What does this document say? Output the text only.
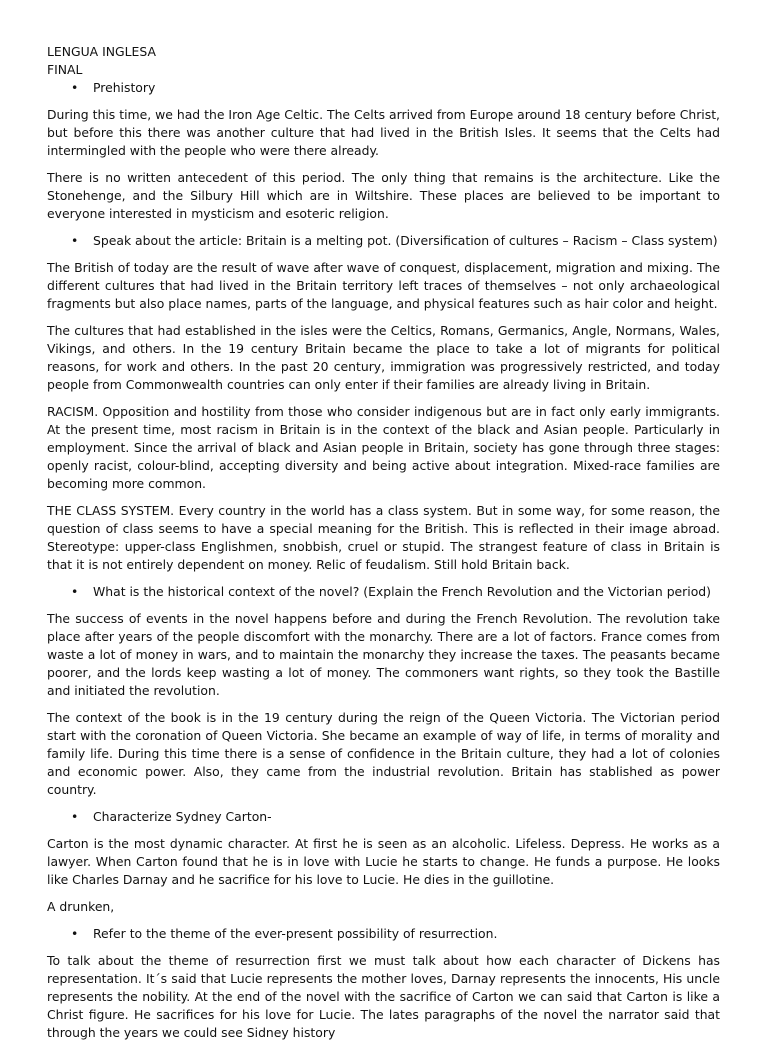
LENGUA INGLESA
FINAL
• Prehistory

During this time, we had the Iron Age Celtic. The Celts arrived from Europe around 18 century before Christ, but before this there was another culture that had lived in the British Isles. It seems that the Celts had intermingled with the people who were there already.

There is no written antecedent of this period. The only thing that remains is the architecture. Like the Stonehenge, and the Silbury Hill which are in Wiltshire. These places are believed to be important to everyone interested in mysticism and esoteric religion.

• Speak about the article: Britain is a melting pot. (Diversification of cultures – Racism – Class system)

The British of today are the result of wave after wave of conquest, displacement, migration and mixing. The different cultures that had lived in the Britain territory left traces of themselves – not only archaeological fragments but also place names, parts of the language, and physical features such as hair color and height.

The cultures that had established in the isles were the Celtics, Romans, Germanics, Angle, Normans, Wales, Vikings, and others. In the 19 century Britain became the place to take a lot of migrants for political reasons, for work and others. In the past 20 century, immigration was progressively restricted, and today people from Commonwealth countries can only enter if their families are already living in Britain.

RACISM. Opposition and hostility from those who consider indigenous but are in fact only early immigrants. At the present time, most racism in Britain is in the context of the black and Asian people. Particularly in employment. Since the arrival of black and Asian people in Britain, society has gone through three stages: openly racist, colour-blind, accepting diversity and being active about integration. Mixed-race families are becoming more common.

THE CLASS SYSTEM. Every country in the world has a class system. But in some way, for some reason, the question of class seems to have a special meaning for the British. This is reflected in their image abroad. Stereotype: upper-class Englishmen, snobbish, cruel or stupid. The strangest feature of class in Britain is that it is not entirely dependent on money. Relic of feudalism. Still hold Britain back.

• What is the historical context of the novel? (Explain the French Revolution and the Victorian period)

The success of events in the novel happens before and during the French Revolution. The revolution take place after years of the people discomfort with the monarchy. There are a lot of factors. France comes from waste a lot of money in wars, and to maintain the monarchy they increase the taxes. The peasants became poorer, and the lords keep wasting a lot of money. The commoners want rights, so they took the Bastille and initiated the revolution.

The context of the book is in the 19 century during the reign of the Queen Victoria. The Victorian period start with the coronation of Queen Victoria. She became an example of way of life, in terms of morality and family life. During this time there is a sense of confidence in the Britain culture, they had a lot of colonies and economic power. Also, they came from the industrial revolution. Britain has stablished as power country.

• Characterize Sydney Carton-

Carton is the most dynamic character. At first he is seen as an alcoholic. Lifeless. Depress. He works as a lawyer. When Carton found that he is in love with Lucie he starts to change. He funds a purpose. He looks like Charles Darnay and he sacrifice for his love to Lucie. He dies in the guillotine.

A drunken,

• Refer to the theme of the ever-present possibility of resurrection.

To talk about the theme of resurrection first we must talk about how each character of Dickens has representation. It´s said that Lucie represents the mother loves, Darnay represents the innocents, His uncle represents the nobility. At the end of the novel with the sacrifice of Carton we can said that Carton is like a Christ figure. He sacrifices for his love for Lucie. The lates paragraphs of the novel the narrator said that through the years we could see Sidney history
